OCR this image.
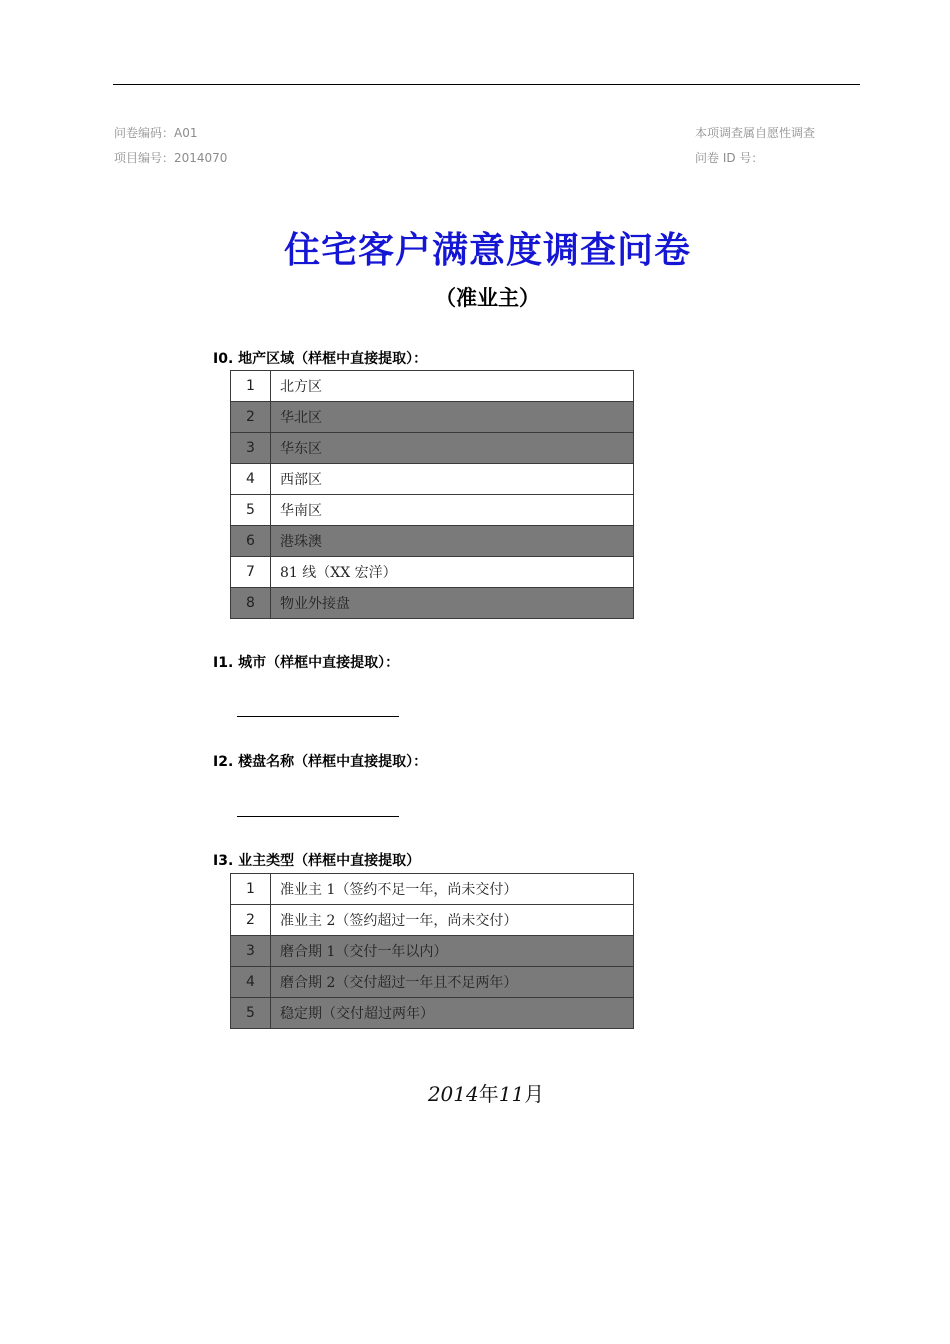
问卷编码：A01
项目编号：2014070
本项调查属自愿性调查
问卷 ID 号：
住宅客户满意度调查问卷
（准业主）
I0. 地产区域（样框中直接提取）：
1	北方区
2	华北区
3	华东区
4	西部区
5	华南区
6	港珠澳
7	81 线（XX 宏洋）
8	物业外接盘
I1. 城市（样框中直接提取）：
I2. 楼盘名称（样框中直接提取）：
I3. 业主类型（样框中直接提取）
1	准业主 1（签约不足一年，尚未交付）
2	准业主 2（签约超过一年，尚未交付）
3	磨合期 1（交付一年以内）
4	磨合期 2（交付超过一年且不足两年）
5	稳定期（交付超过两年）
2014年11月
